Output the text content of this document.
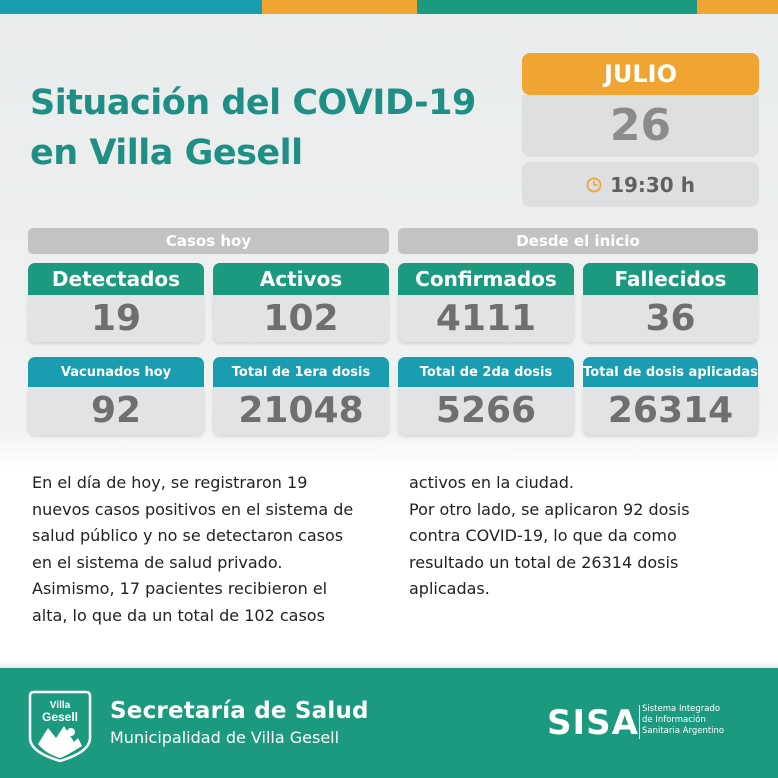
Situación del COVID-19
en Villa Gesell
JULIO
26
19:30 h
Casos hoy	Desde el inicio
Detectados
19
Activos
102
Confirmados
4111
Fallecidos
36
Vacunados hoy
92
Total de 1era dosis
21048
Total de 2da dosis
5266
Total de dosis aplicadas
26314
En el día de hoy, se registraron 19
nuevos casos positivos en el sistema de
salud público y no se detectaron casos
en el sistema de salud privado.
Asimismo, 17 pacientes recibieron el
alta, lo que da un total de 102 casos
activos en la ciudad.
Por otro lado, se aplicaron 92 dosis
contra COVID-19, lo que da como
resultado un total de 26314 dosis
aplicadas.
Villa
Gesell Secretaría de Salud
Municipalidad de Villa Gesell	SISA Sistema Integrado
de Información
Sanitaria Argentino
